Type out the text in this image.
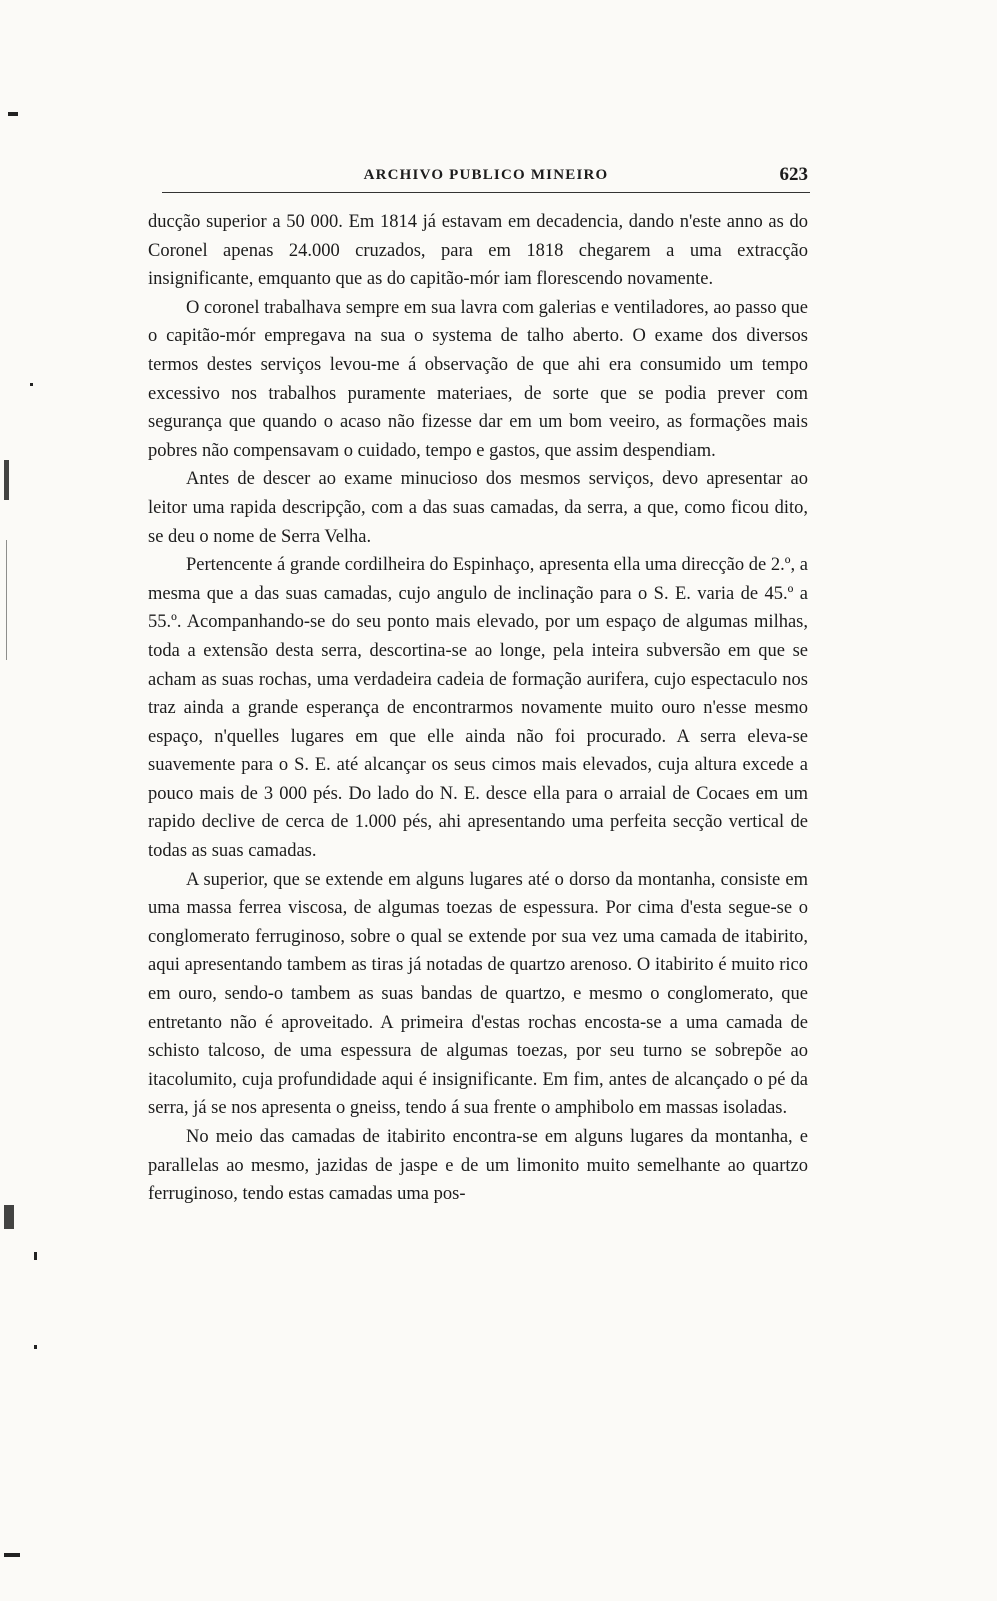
ARCHIVO PUBLICO MINEIRO	623

ducção superior a 50 000. Em 1814 já estavam em decadencia, dando n'este anno as do Coronel apenas 24.000 cruzados, para em 1818 chegarem a uma extracção insignificante, emquanto que as do capitão-mór iam florescendo novamente.

O coronel trabalhava sempre em sua lavra com galerias e ventiladores, ao passo que o capitão-mór empregava na sua o systema de talho aberto. O exame dos diversos termos destes serviços levou-me á observação de que ahi era consumido um tempo excessivo nos trabalhos puramente materiaes, de sorte que se podia prever com segurança que quando o acaso não fizesse dar em um bom veeiro, as formações mais pobres não compensavam o cuidado, tempo e gastos, que assim despendiam.

Antes de descer ao exame minucioso dos mesmos serviços, devo apresentar ao leitor uma rapida descripção, com a das suas camadas, da serra, a que, como ficou dito, se deu o nome de Serra Velha.

Pertencente á grande cordilheira do Espinhaço, apresenta ella uma direcção de 2.º, a mesma que a das suas camadas, cujo angulo de inclinação para o S. E. varia de 45.º a 55.º. Acompanhando-se do seu ponto mais elevado, por um espaço de algumas milhas, toda a extensão desta serra, descortina-se ao longe, pela inteira subversão em que se acham as suas rochas, uma verdadeira cadeia de formação aurifera, cujo espectaculo nos traz ainda a grande esperança de encontrarmos novamente muito ouro n'esse mesmo espaço, n'quelles lugares em que elle ainda não foi procurado. A serra eleva-se suavemente para o S. E. até alcançar os seus cimos mais elevados, cuja altura excede a pouco mais de 3 000 pés. Do lado do N. E. desce ella para o arraial de Cocaes em um rapido declive de cerca de 1.000 pés, ahi apresentando uma perfeita secção vertical de todas as suas camadas.

A superior, que se extende em alguns lugares até o dorso da montanha, consiste em uma massa ferrea viscosa, de algumas toezas de espessura. Por cima d'esta segue-se o conglomerato ferruginoso, sobre o qual se extende por sua vez uma camada de itabirito, aqui apresentando tambem as tiras já notadas de quartzo arenoso. O itabirito é muito rico em ouro, sendo-o tambem as suas bandas de quartzo, e mesmo o conglomerato, que entretanto não é aproveitado. A primeira d'estas rochas encosta-se a uma camada de schisto talcoso, de uma espessura de algumas toezas, por seu turno se sobrepõe ao itacolumito, cuja profundidade aqui é insignificante. Em fim, antes de alcançado o pé da serra, já se nos apresenta o gneiss, tendo á sua frente o amphibolo em massas isoladas.

No meio das camadas de itabirito encontra-se em alguns lugares da montanha, e parallelas ao mesmo, jazidas de jaspe e de um limonito muito semelhante ao quartzo ferruginoso, tendo estas camadas uma pos-
